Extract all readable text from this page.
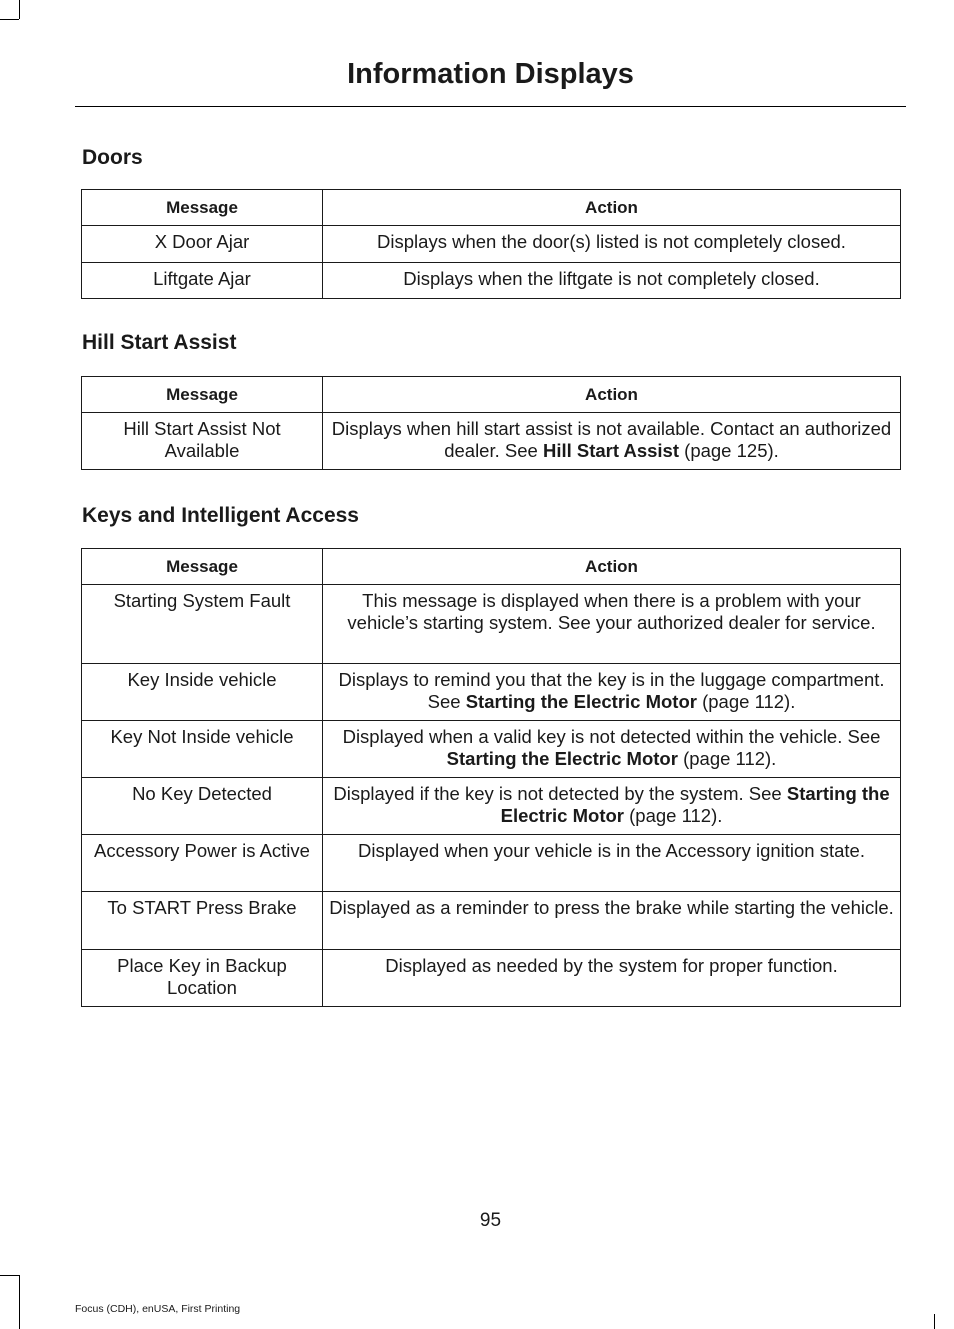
Information Displays
Doors
Message	Action
X Door Ajar	Displays when the door(s) listed is not completely closed.
Liftgate Ajar	Displays when the liftgate is not completely closed.
Hill Start Assist
Message	Action
Hill Start Assist Not Available	Displays when hill start assist is not available. Contact an authorized dealer. See Hill Start Assist (page 125).
Keys and Intelligent Access
Message	Action
Starting System Fault	This message is displayed when there is a problem with your vehicle’s starting system. See your authorized dealer for service.
Key Inside vehicle	Displays to remind you that the key is in the luggage compartment. See Starting the Electric Motor (page 112).
Key Not Inside vehicle	Displayed when a valid key is not detected within the vehicle. See Starting the Electric Motor (page 112).
No Key Detected	Displayed if the key is not detected by the system. See Starting the Electric Motor (page 112).
Accessory Power is Active	Displayed when your vehicle is in the Accessory ignition state.
To START Press Brake	Displayed as a reminder to press the brake while starting the vehicle.
Place Key in Backup Location	Displayed as needed by the system for proper function.
95
Focus (CDH), enUSA, First Printing
